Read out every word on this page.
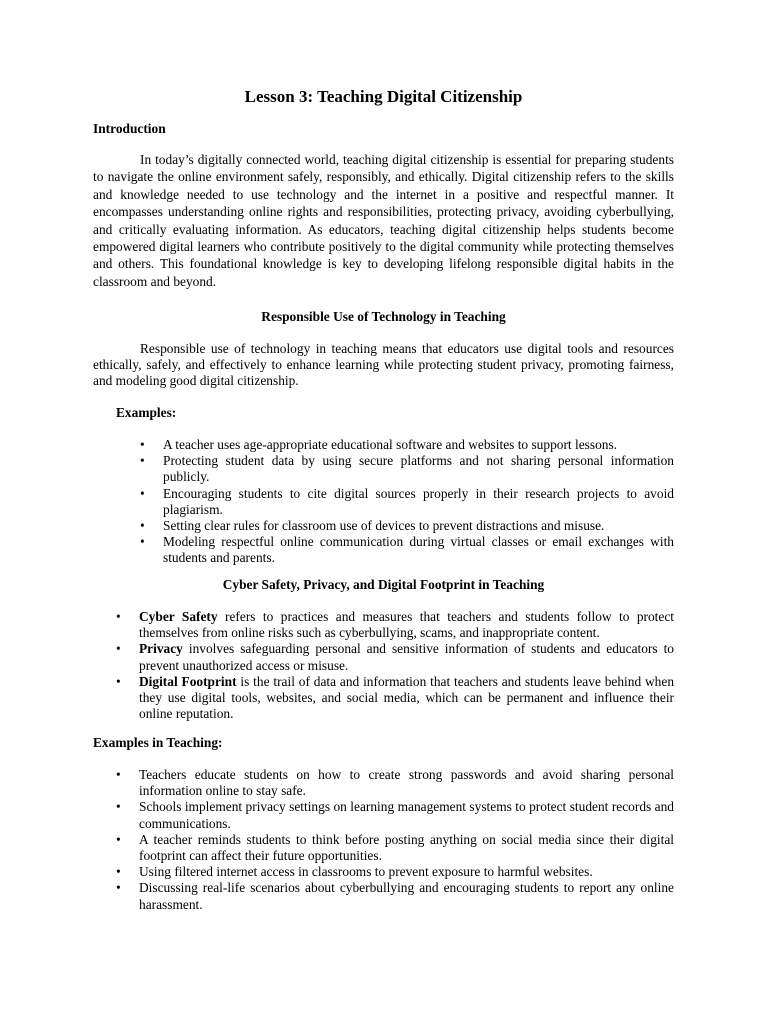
Lesson 3: Teaching Digital Citizenship

Introduction

In today’s digitally connected world, teaching digital citizenship is essential for preparing students to navigate the online environment safely, responsibly, and ethically. Digital citizenship refers to the skills and knowledge needed to use technology and the internet in a positive and respectful manner. It encompasses understanding online rights and responsibilities, protecting privacy, avoiding cyberbullying, and critically evaluating information. As educators, teaching digital citizenship helps students become empowered digital learners who contribute positively to the digital community while protecting themselves and others. This foundational knowledge is key to developing lifelong responsible digital habits in the classroom and beyond.

Responsible Use of Technology in Teaching

Responsible use of technology in teaching means that educators use digital tools and resources ethically, safely, and effectively to enhance learning while protecting student privacy, promoting fairness, and modeling good digital citizenship.

Examples:

•	A teacher uses age-appropriate educational software and websites to support lessons.
•	Protecting student data by using secure platforms and not sharing personal information publicly.
•	Encouraging students to cite digital sources properly in their research projects to avoid plagiarism.
•	Setting clear rules for classroom use of devices to prevent distractions and misuse.
•	Modeling respectful online communication during virtual classes or email exchanges with students and parents.

Cyber Safety, Privacy, and Digital Footprint in Teaching

•	Cyber Safety refers to practices and measures that teachers and students follow to protect themselves from online risks such as cyberbullying, scams, and inappropriate content.
•	Privacy involves safeguarding personal and sensitive information of students and educators to prevent unauthorized access or misuse.
•	Digital Footprint is the trail of data and information that teachers and students leave behind when they use digital tools, websites, and social media, which can be permanent and influence their online reputation.

Examples in Teaching:

•	Teachers educate students on how to create strong passwords and avoid sharing personal information online to stay safe.
•	Schools implement privacy settings on learning management systems to protect student records and communications.
•	A teacher reminds students to think before posting anything on social media since their digital footprint can affect their future opportunities.
•	Using filtered internet access in classrooms to prevent exposure to harmful websites.
•	Discussing real-life scenarios about cyberbullying and encouraging students to report any online harassment.
